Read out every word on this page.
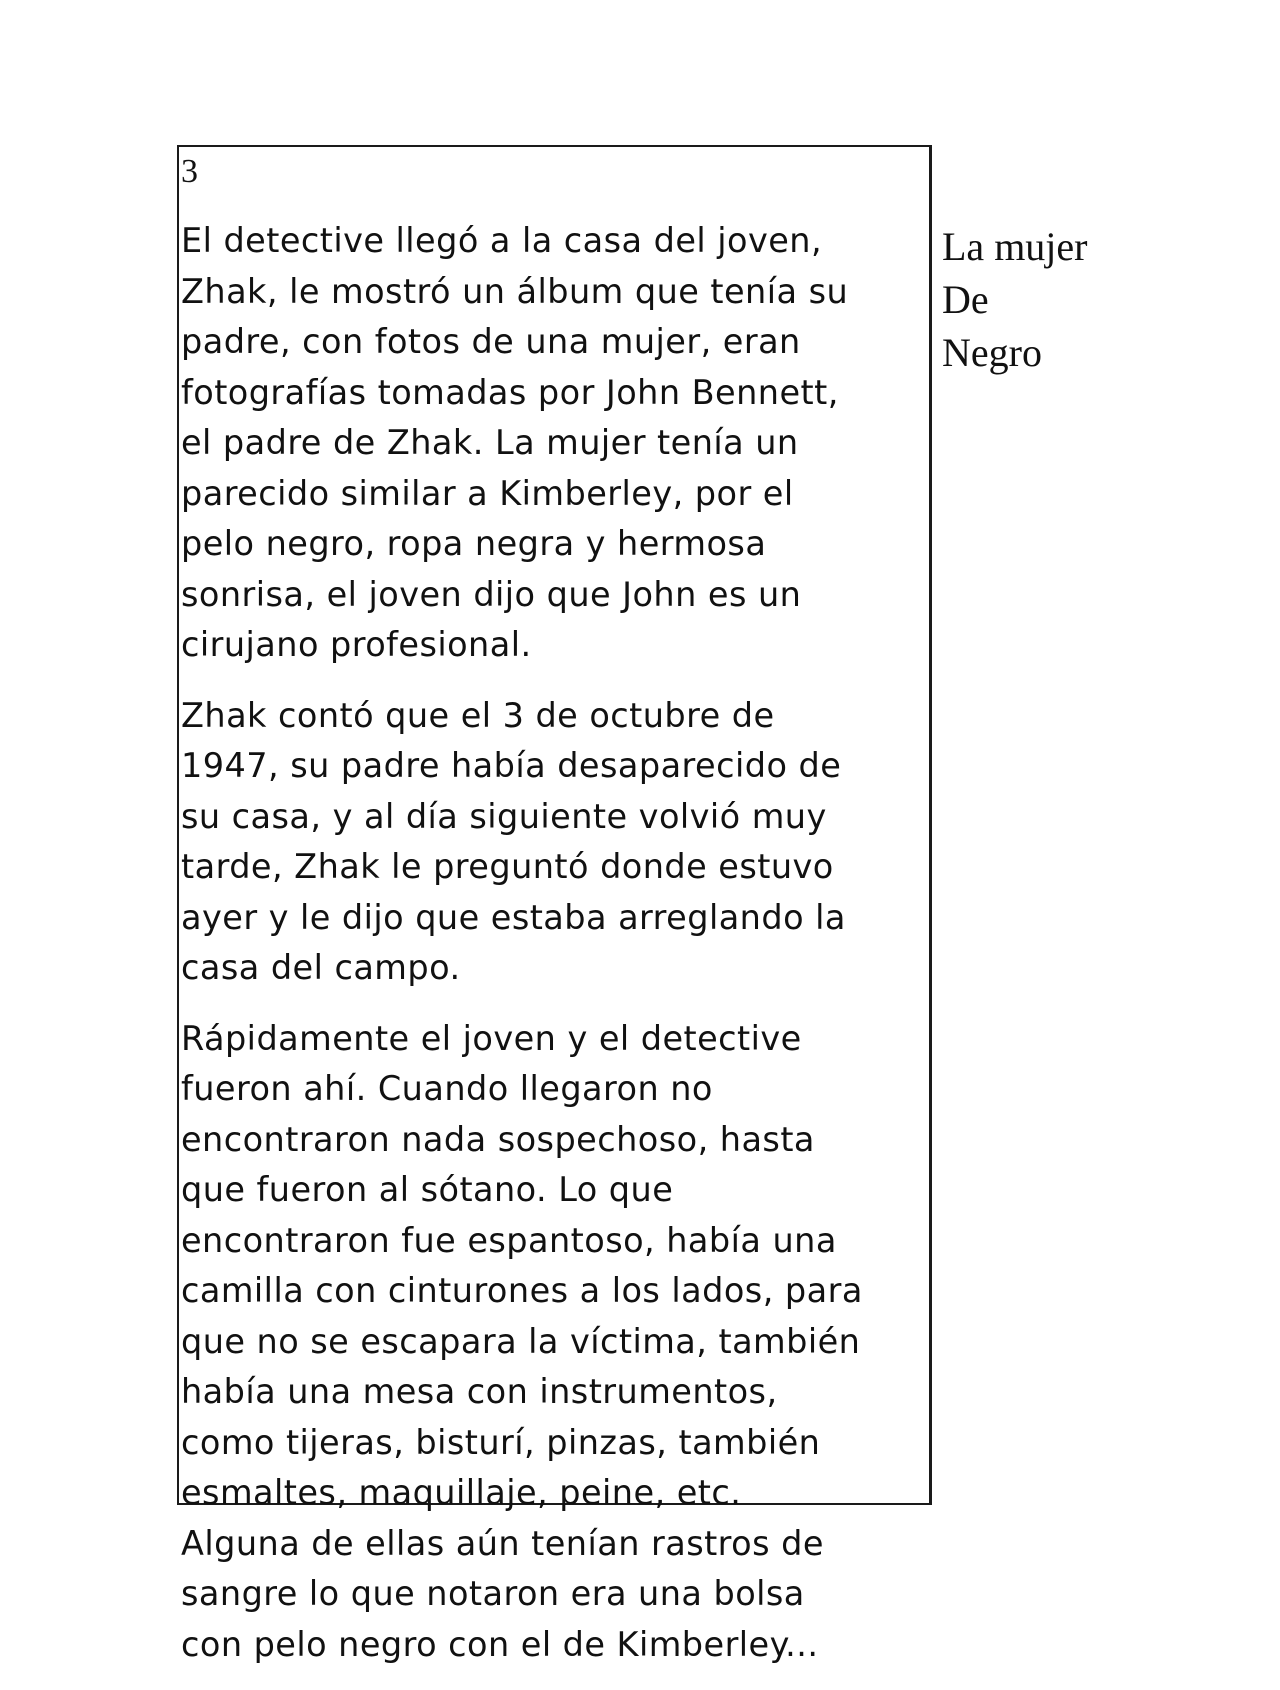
3

El detective llegó a la casa del joven,
Zhak, le mostró un álbum que tenía su
padre, con fotos de una mujer, eran
fotografías tomadas por John Bennett,
el padre de Zhak. La mujer tenía un
parecido similar a Kimberley, por el
pelo negro, ropa negra y hermosa
sonrisa, el joven dijo que John es un
cirujano profesional.

Zhak contó que el 3 de octubre de
1947, su padre había desaparecido de
su casa, y al día siguiente volvió muy
tarde, Zhak le preguntó donde estuvo
ayer y le dijo que estaba arreglando la
casa del campo.

Rápidamente el joven y el detective
fueron ahí. Cuando llegaron no
encontraron nada sospechoso, hasta
que fueron al sótano. Lo que
encontraron fue espantoso, había una
camilla con cinturones a los lados, para
que no se escapara la víctima, también
había una mesa con instrumentos,
como tijeras, bisturí, pinzas, también
esmaltes, maquillaje, peine, etc.
Alguna de ellas aún tenían rastros de
sangre lo que notaron era una bolsa
con pelo negro con el de Kimberley...

La mujer
De
Negro
